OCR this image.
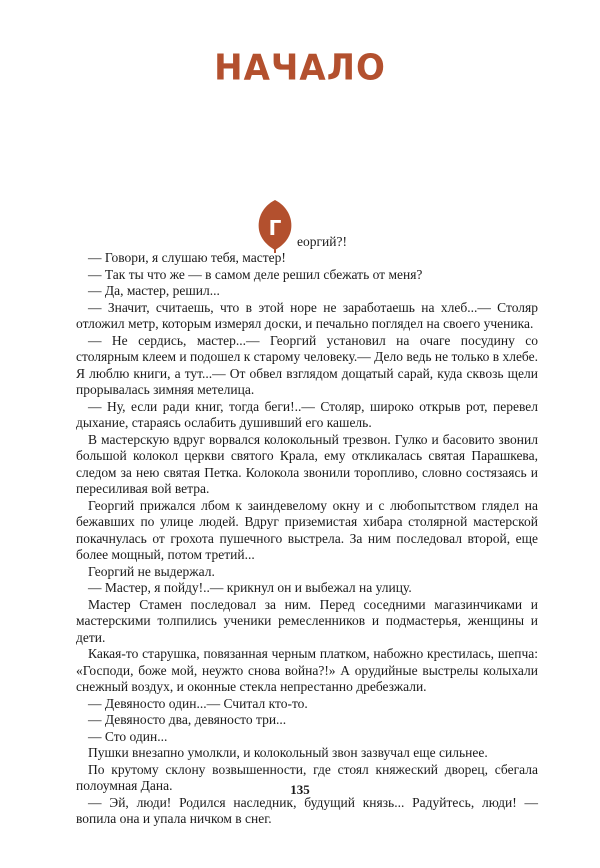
НАЧАЛО
Г
еоргий?!

— Говори, я слушаю тебя, мастер!

— Так ты что же — в самом деле решил сбежать от меня?

— Да, мастер, решил...

— Значит, считаешь, что в этой норе не заработаешь на хлеб...— Столяр отложил метр, которым измерял доски, и печально поглядел на своего ученика.

— Не сердись, мастер...— Георгий установил на очаге посудину со столярным клеем и подошел к старому человеку.— Дело ведь не только в хлебе. Я люблю книги, а тут...— От обвел взглядом дощатый сарай, куда сквозь щели прорывалась зимняя метелица.

— Ну, если ради книг, тогда беги!..— Столяр, широко открыв рот, перевел дыхание, стараясь ослабить душивший его кашель.

В мастерскую вдруг ворвался колокольный трезвон. Гулко и басовито звонил большой колокол церкви святого Крала, ему откликалась святая Парашкева, следом за нею святая Петка. Колокола звонили торопливо, словно состязаясь и пересиливая вой ветра.

Георгий прижался лбом к заиндевелому окну и с любопытством глядел на бежавших по улице людей. Вдруг приземистая хибара столярной мастерской покачнулась от грохота пушечного выстрела. За ним последовал второй, еще более мощный, потом третий...

Георгий не выдержал.

— Мастер, я пойду!..— крикнул он и выбежал на улицу.

Мастер Стамен последовал за ним. Перед соседними магазинчиками и мастерскими толпились ученики ремесленников и подмастерья, женщины и дети.

Какая-то старушка, повязанная черным платком, набожно крестилась, шепча: «Господи, боже мой, неужто снова война?!» А орудийные выстрелы колыхали снежный воздух, и оконные стекла непрестанно дребезжали.

— Девяносто один...— Считал кто-то.

— Девяносто два, девяносто три...

— Сто один...

Пушки внезапно умолкли, и колокольный звон зазвучал еще сильнее.

По крутому склону возвышенности, где стоял княжеский дворец, сбегала полоумная Дана.

— Эй, люди! Родился наследник, будущий князь... Радуйтесь, люди! — вопила она и упала ничком в снег.

135
